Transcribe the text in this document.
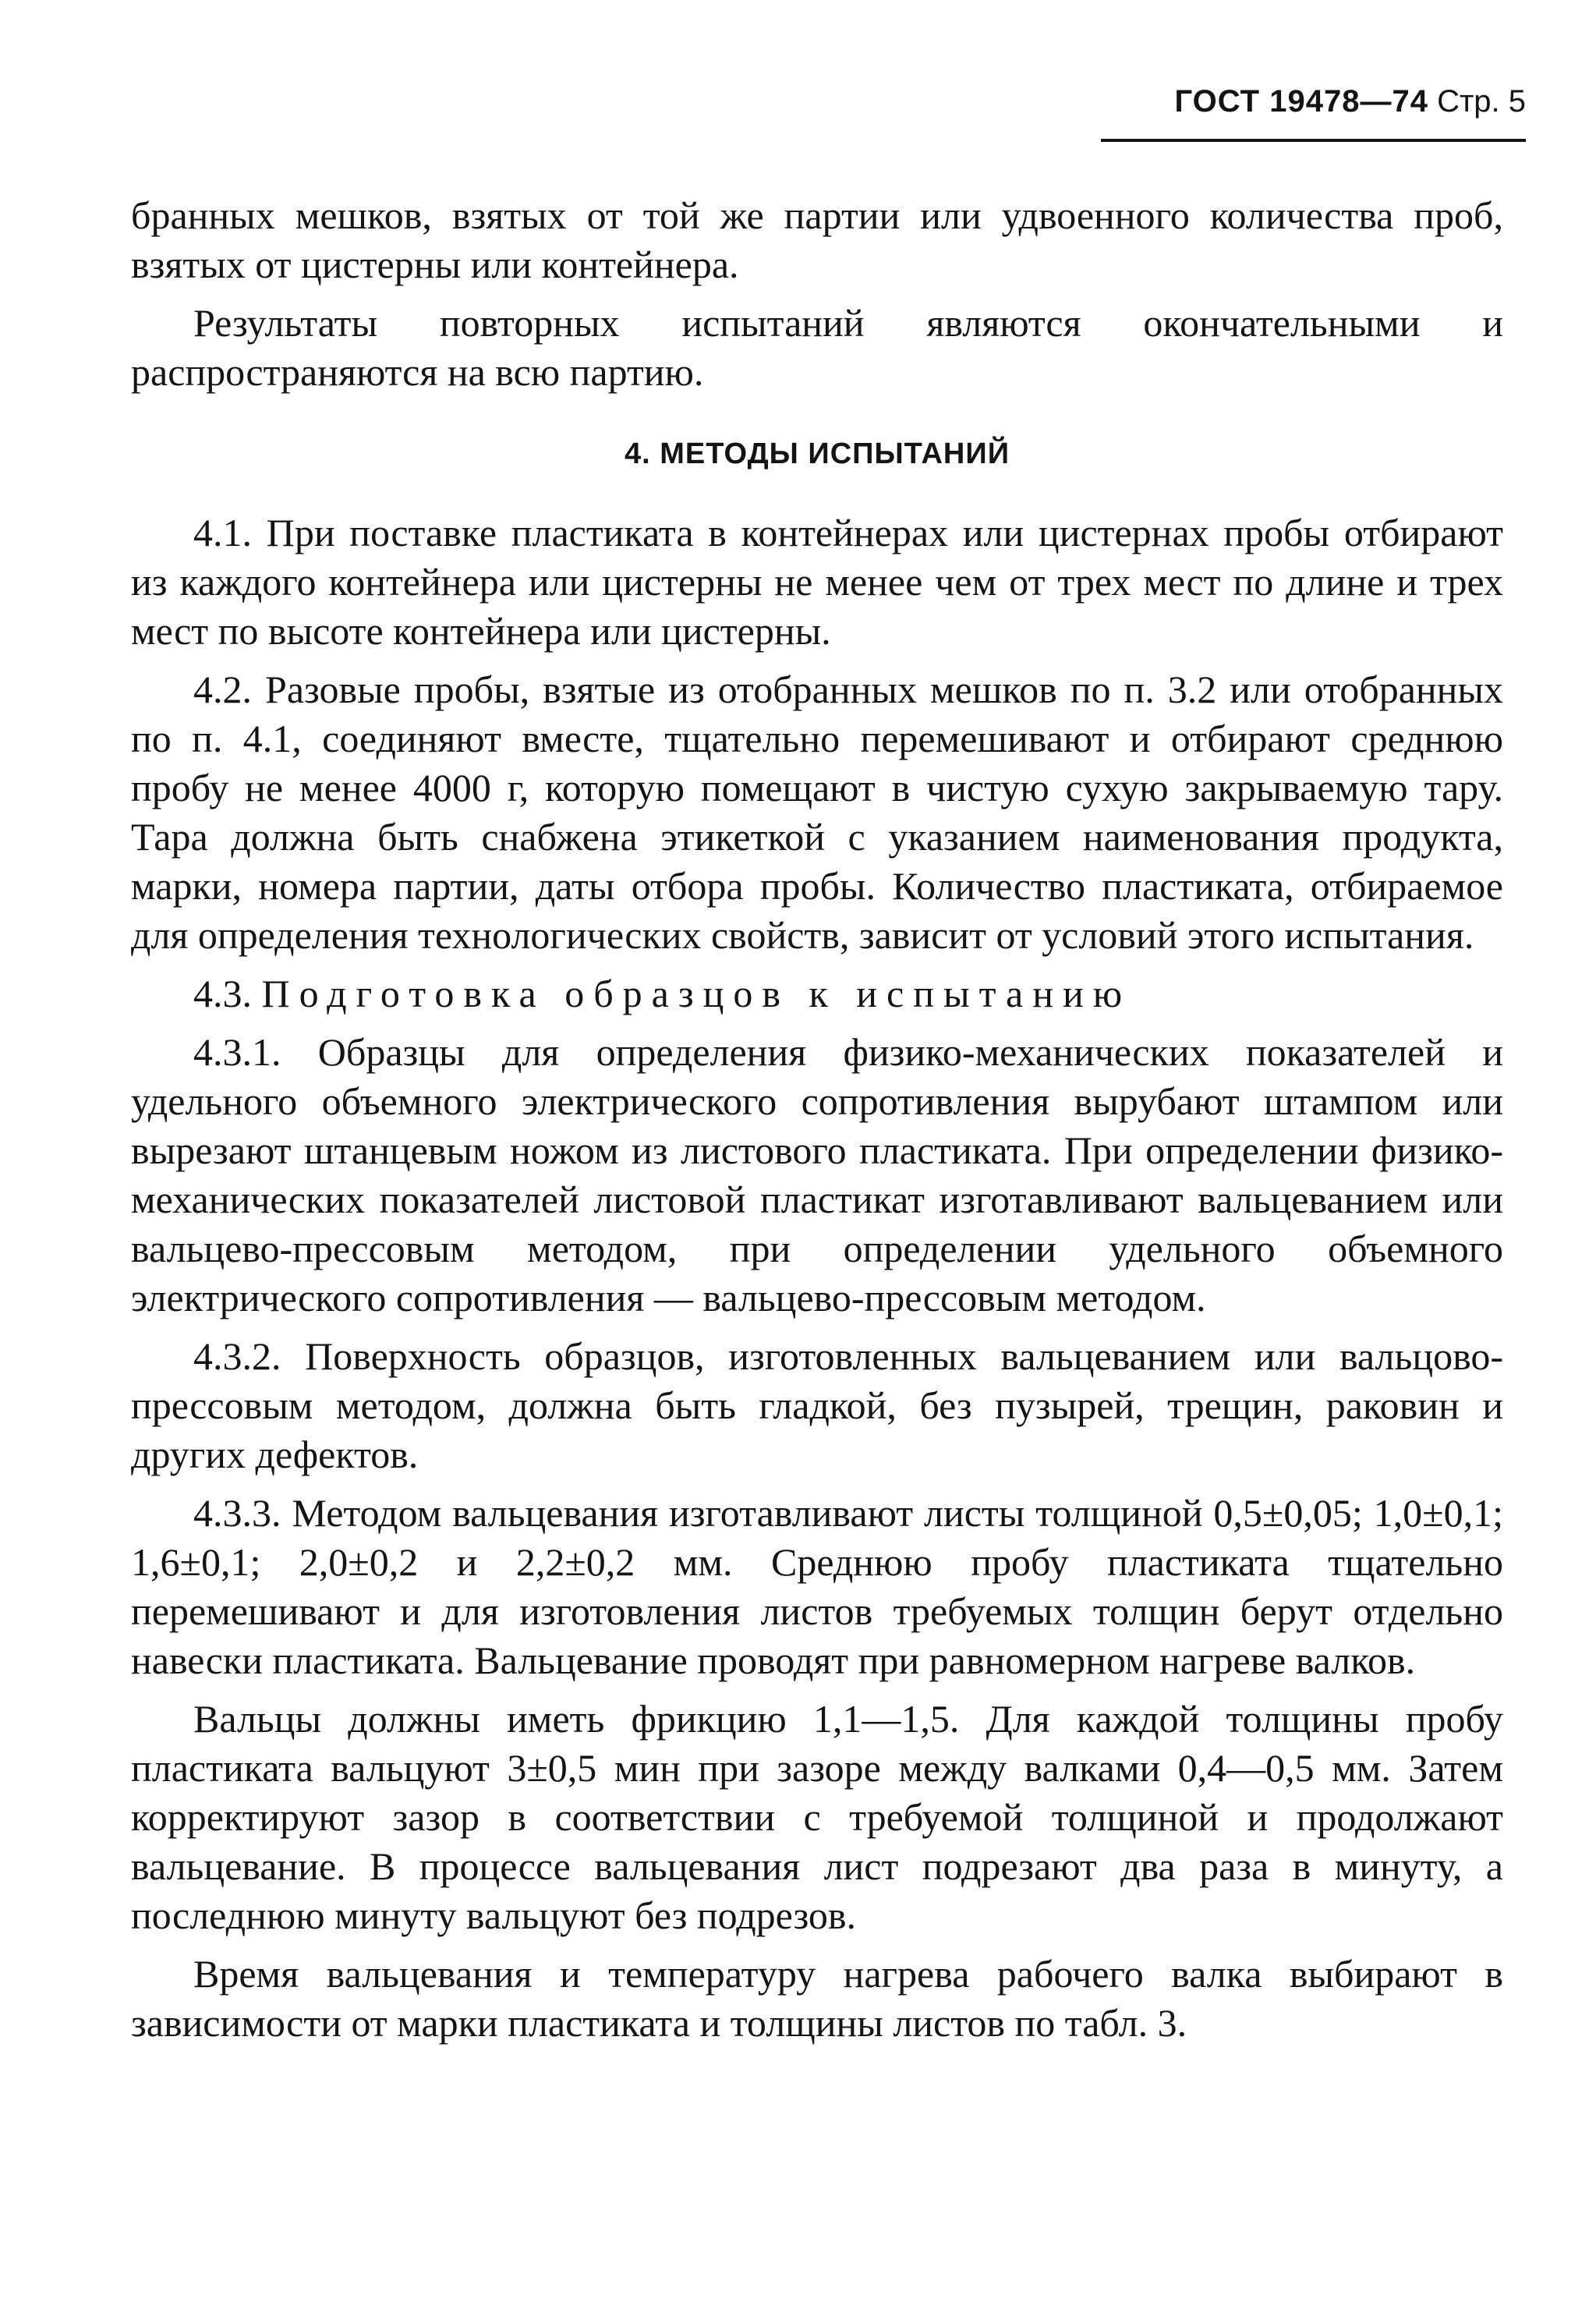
ГОСТ 19478—74 Стр. 5

бранных мешков, взятых от той же партии или удвоенного количества проб, взятых от цистерны или контейнера.

Результаты повторных испытаний являются окончательными и распространяются на всю партию.

4. МЕТОДЫ ИСПЫТАНИЙ

4.1. При поставке пластиката в контейнерах или цистернах пробы отбирают из каждого контейнера или цистерны не менее чем от трех мест по длине и трех мест по высоте контейнера или цистерны.

4.2. Разовые пробы, взятые из отобранных мешков по п. 3.2 или отобранных по п. 4.1, соединяют вместе, тщательно перемешивают и отбирают среднюю пробу не менее 4000 г, которую помещают в чистую сухую закрываемую тару. Тара должна быть снабжена этикеткой с указанием наименования продукта, марки, номера партии, даты отбора пробы. Количество пластиката, отбираемое для определения технологических свойств, зависит от условий этого испытания.

4.3. Подготовка образцов к испытанию

4.3.1. Образцы для определения физико-механических показателей и удельного объемного электрического сопротивления вырубают штампом или вырезают штанцевым ножом из листового пластиката. При определении физико-механических показателей листовой пластикат изготавливают вальцеванием или вальцево-прессовым методом, при определении удельного объемного электрического сопротивления — вальцево-прессовым методом.

4.3.2. Поверхность образцов, изготовленных вальцеванием или вальцово-прессовым методом, должна быть гладкой, без пузырей, трещин, раковин и других дефектов.

4.3.3. Методом вальцевания изготавливают листы толщиной 0,5±0,05; 1,0±0,1; 1,6±0,1; 2,0±0,2 и 2,2±0,2 мм. Среднюю пробу пластиката тщательно перемешивают и для изготовления листов требуемых толщин берут отдельно навески пластиката. Вальцевание проводят при равномерном нагреве валков.

Вальцы должны иметь фрикцию 1,1—1,5. Для каждой толщины пробу пластиката вальцуют 3±0,5 мин при зазоре между валками 0,4—0,5 мм. Затем корректируют зазор в соответствии с требуемой толщиной и продолжают вальцевание. В процессе вальцевания лист подрезают два раза в минуту, а последнюю минуту вальцуют без подрезов.

Время вальцевания и температуру нагрева рабочего валка выбирают в зависимости от марки пластиката и толщины листов по табл. 3.
